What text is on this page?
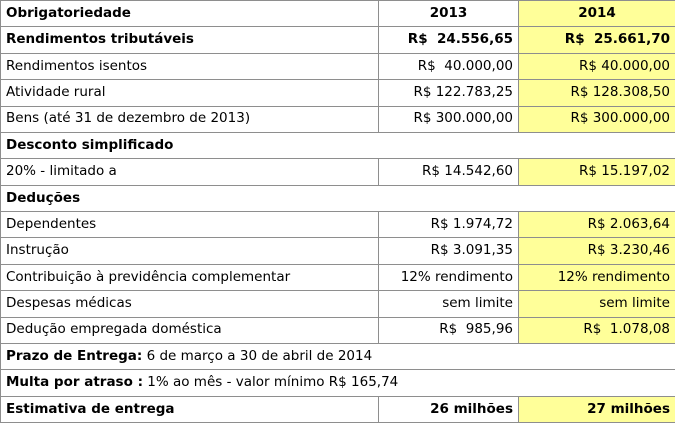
Obrigatoriedade	2013	2014
Rendimentos tributáveis	R$  24.556,65	R$  25.661,70
Rendimentos isentos	R$  40.000,00	R$ 40.000,00
Atividade rural	R$ 122.783,25	R$ 128.308,50
Bens (até 31 de dezembro de 2013)	R$ 300.000,00	R$ 300.000,00
Desconto simplificado		
20% - limitado a	R$ 14.542,60	R$ 15.197,02
Deduções		
Dependentes	R$ 1.974,72	R$ 2.063,64
Instrução	R$ 3.091,35	R$ 3.230,46
Contribuição à previdência complementar	12% rendimento	12% rendimento
Despesas médicas	sem limite	sem limite
Dedução empregada doméstica	R$  985,96	R$  1.078,08
Prazo de Entrega: 6 de março a 30 de abril de 2014		
Multa por atraso : 1% ao mês - valor mínimo R$ 165,74		
Estimativa de entrega	26 milhões	27 milhões
